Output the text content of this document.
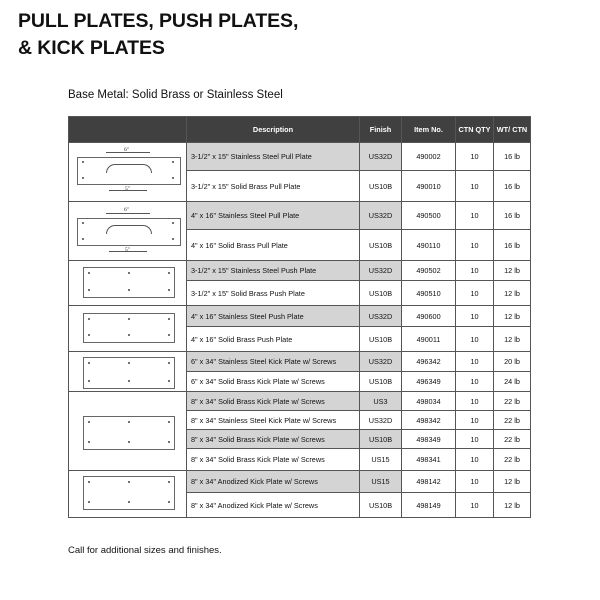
PULL PLATES, PUSH PLATES,
& KICK PLATES
Base Metal: Solid Brass or Stainless Steel
	Description	Finish	Item No.	CTN QTY	WT/ CTN

6"
5"	3-1/2" x 15" Stainless Steel Pull Plate	US32D	490002	10	16 lb
	3-1/2" x 15" Solid Brass Pull Plate	US10B	490010	10	16 lb

6"
5"	4" x 16" Stainless Steel Pull Plate	US32D	490500	10	16 lb
	4" x 16" Solid Brass Pull Plate	US10B	490110	10	16 lb

	3-1/2" x 15" Stainless Steel Push Plate	US32D	490502	10	12 lb
	3-1/2" x 15" Solid Brass Push Plate	US10B	490510	10	12 lb

	4" x 16" Stainless Steel Push Plate	US32D	490600	10	12 lb
	4" x 16" Solid Brass Push Plate	US10B	490011	10	12 lb

	6" x 34" Stainless Steel Kick Plate w/ Screws	US32D	496342	10	20 lb
	6" x 34" Solid Brass Kick Plate w/ Screws	US10B	496349	10	24 lb

	8" x 34" Solid Brass Kick Plate w/ Screws	US3	498034	10	22 lb
	8" x 34" Stainless Steel Kick Plate w/ Screws	US32D	498342	10	22 lb
	8" x 34" Solid Brass Kick Plate w/ Screws	US10B	498349	10	22 lb
	8" x 34" Solid Brass Kick Plate w/ Screws	US15	498341	10	22 lb

	8" x 34" Anodized Kick Plate w/ Screws	US15	498142	10	12 lb
	8" x 34" Anodized Kick Plate w/ Screws	US10B	498149	10	12 lb
Call for additional sizes and finishes.
